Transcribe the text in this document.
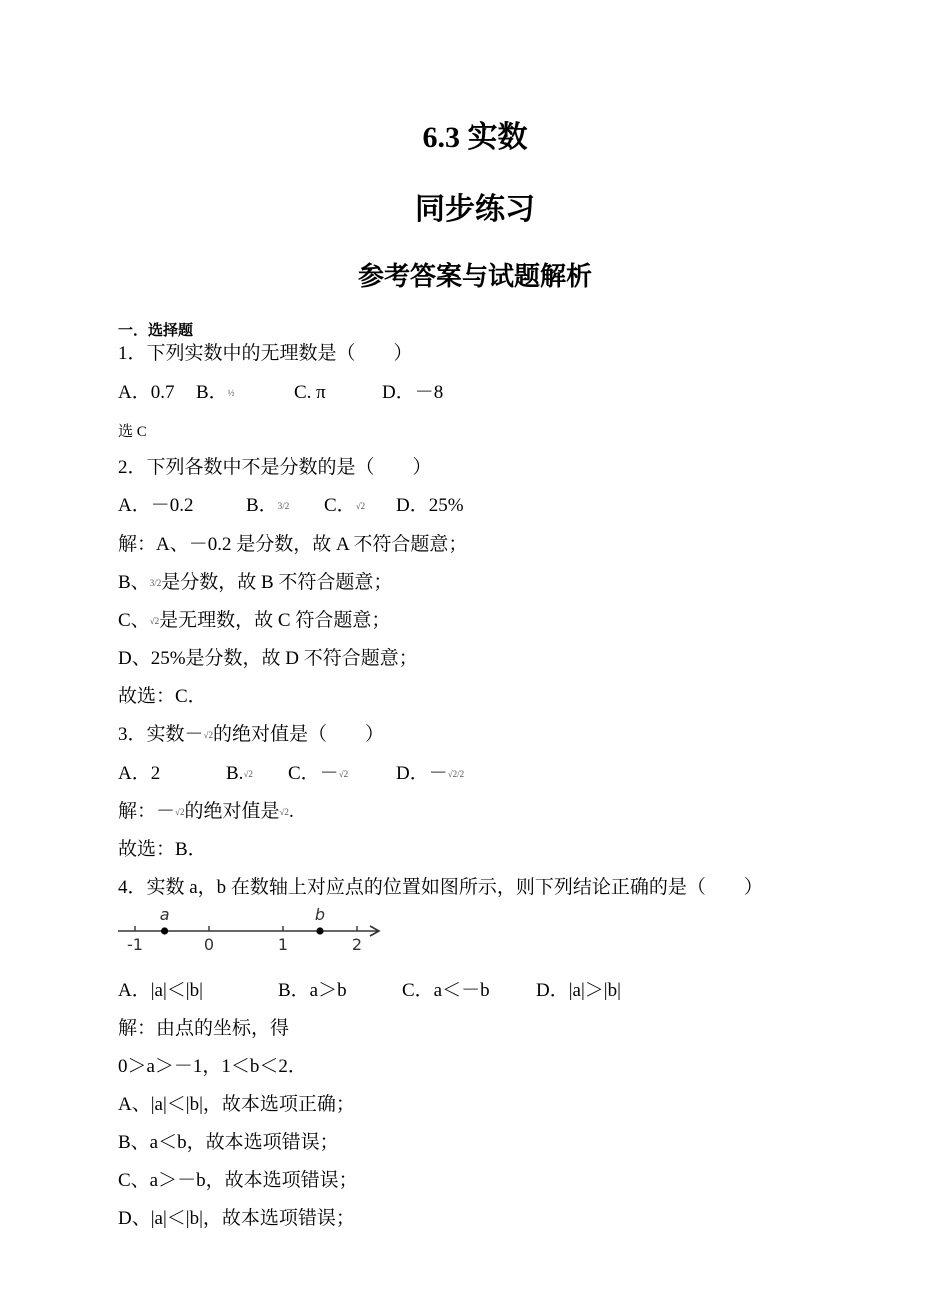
6.3 实数
同步练习
参考答案与试题解析
一．选择题
1．下列实数中的无理数是（　　）
A．0.7 B．½	C. π	D．－8
选 C
2．下列各数中不是分数的是（　　）
A．－0.2	B．3/2 C．√2 D．25%
解：A、－0.2 是分数，故 A 不符合题意；
B、3/2是分数，故 B 不符合题意；
C、√2是无理数，故 C 符合题意；
D、25%是分数，故 D 不符合题意；
故选：C．
3．实数－√2的绝对值是（　　）
A．2	B.√2 C．－√2	D．－√2/2
解：－√2的绝对值是√2.
故选：B．
4．实数 a，b 在数轴上对应点的位置如图所示，则下列结论正确的是（　　）
-1	0	1	2
a	b
A．|a|＜|b|	B．a＞b	C．a＜－b D．|a|＞|b|
解：由点的坐标，得
0＞a＞－1，1＜b＜2．
A、|a|＜|b|，故本选项正确；
B、a＜b，故本选项错误；
C、a＞－b，故本选项错误；
D、|a|＜|b|，故本选项错误；
